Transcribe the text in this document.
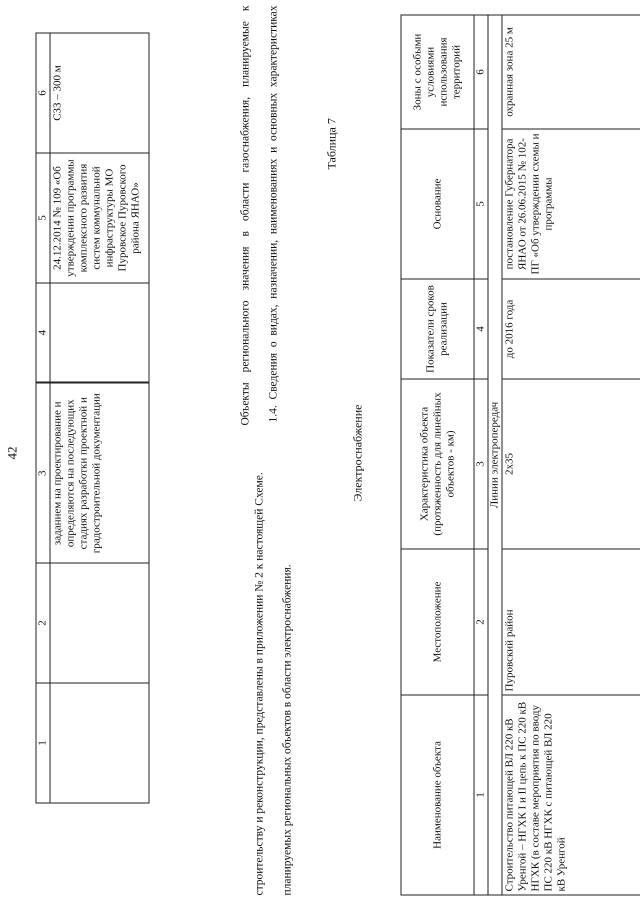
42
1	2	3	4	5	6
		заданием на проектирование и определяются на последующих стадиях разработки проектной и градостроительной документации		24.12.2014 № 109 «Об утверждении программы комплексного развития систем коммунальной инфраструктуры МО Пуровское Пуровского района ЯНАО»	СЗЗ – 300 м	Объекты регионального значения в области газоснабжения, планируемые к строительству и реконструкции, представлены в приложении № 2 к настоящей Схеме.
1.4. Сведения о видах, назначении, наименованиях и основных характеристиках планируемых региональных объектов в области электроснабжения.
Таблица 7
Электроснабжение
Наименование объекта	Местоположение	Характеристика объекта (протяженность для линейных объектов - км)	Показатели сроков реализации	Основание	Зоны с особыми условиями использования территорий
1	2	3	4	5	6
Линии электропередач					
Строительство питающей ВЛ 220 кВ Уренгой – НГХК I и II цепь к ПС 220 кВ НГХК (в составе мероприятия по вводу ПС 220 кВ НГХК с питающей ВЛ 220 кВ Уренгой	Пуровский район	2х35	до 2016 года	постановление Губернатора ЯНАО от 26.06.2015 № 102-ПГ «Об утверждении схемы и программы	охранная зона 25 м
